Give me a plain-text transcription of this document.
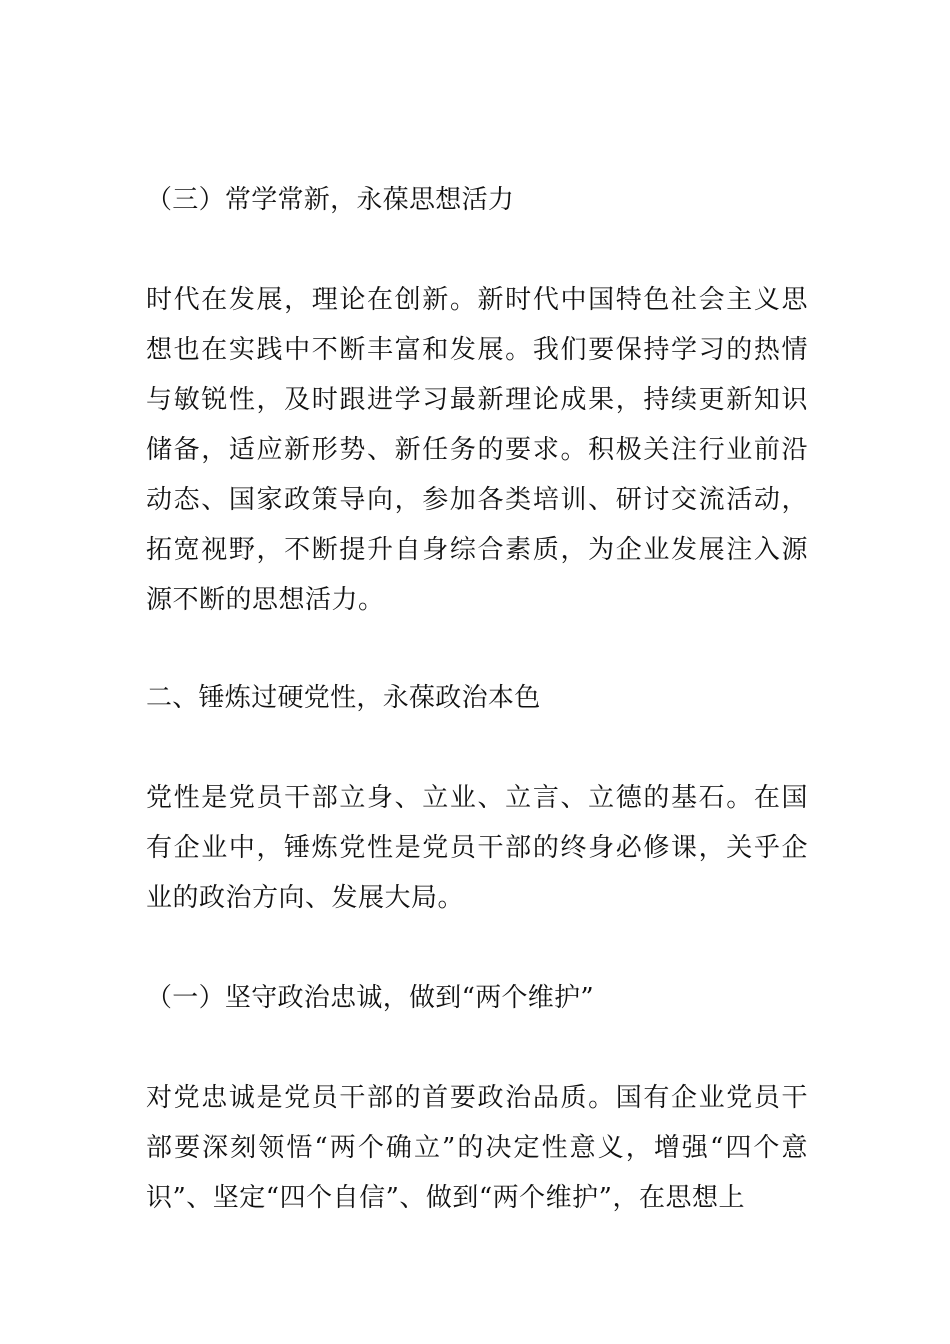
（三）常学常新，永葆思想活力

时代在发展，理论在创新。新时代中国特色社会主义思想也在实践中不断丰富和发展。我们要保持学习的热情与敏锐性，及时跟进学习最新理论成果，持续更新知识储备，适应新形势、新任务的要求。积极关注行业前沿动态、国家政策导向，参加各类培训、研讨交流活动，拓宽视野，不断提升自身综合素质，为企业发展注入源源不断的思想活力。

二、锤炼过硬党性，永葆政治本色

党性是党员干部立身、立业、立言、立德的基石。在国有企业中，锤炼党性是党员干部的终身必修课，关乎企业的政治方向、发展大局。

（一）坚守政治忠诚，做到“两个维护”

对党忠诚是党员干部的首要政治品质。国有企业党员干部要深刻领悟“两个确立”的决定性意义，增强“四个意识”、坚定“四个自信”、做到“两个维护”，在思想上
